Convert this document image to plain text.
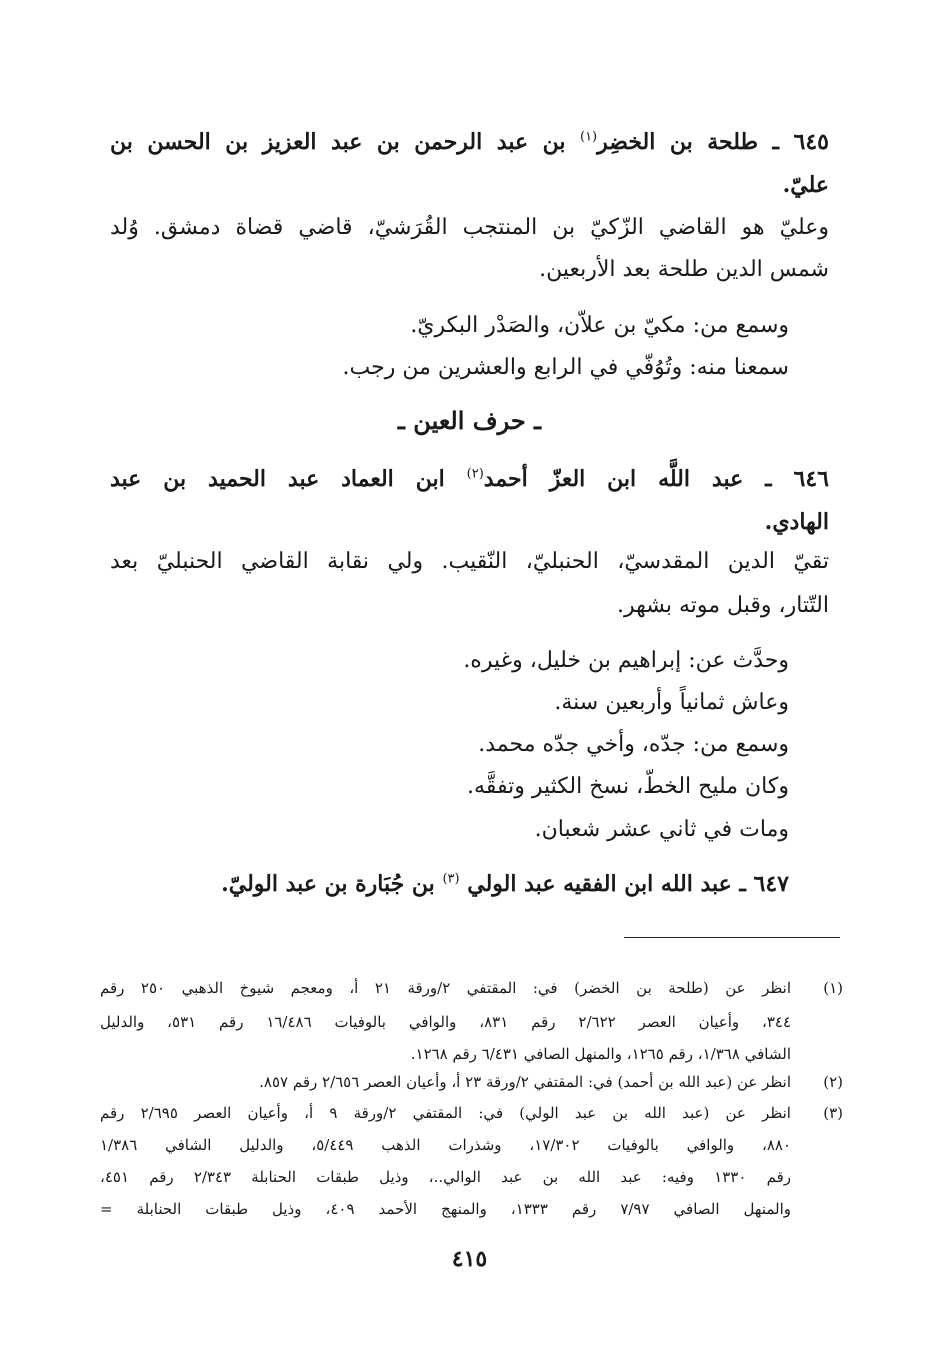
٦٤٥ ـ طلحة بن الخضِر$^{(١)}$ بن عبد الرحمن بن عبد العزيز بن الحسن بن

عليّ.

وعليّ هو القاضي الزّكيّ بن المنتجب القُرَشيّ، قاضي قضاة دمشق. وُلد

شمس الدين طلحة بعد الأربعين.

وسمع من: مكيّ بن علاّن، والصَدْر البكريّ.

سمعنا منه: وتُوُفّي في الرابع والعشرين من رجب.

ـ حرف العين ـ

٦٤٦ ـ عبد اللَّه ابن العزّ أحمد$^{(٢)}$ ابن العماد عبد الحميد بن عبد

الهادي.

تقيّ الدين المقدسيّ، الحنبليّ، النّقيب. ولي نقابة القاضي الحنبليّ بعد

التّتار، وقبل موته بشهر.

وحدَّث عن: إبراهيم بن خليل، وغيره.

وعاش ثمانياً وأربعين سنة.

وسمع من: جدّه، وأخي جدّه محمد.

وكان مليح الخطّ، نسخ الكثير وتفقَّه.

ومات في ثاني عشر شعبان.

٦٤٧ ـ عبد الله ابن الفقيه عبد الولي $^{(٣)}$ بن جُبَارة بن عبد الوليّ.

(١)

انظر عن (طلحة بن الخضر) في: المقتفي ٢/ورقة ٢١ أ، ومعجم شيوخ الذهبي ٢٥٠ رقم

٣٤٤، وأعيان العصر ٢/٦٢٢ رقم ٨٣١، والوافي بالوفيات ١٦/٤٨٦ رقم ٥٣١، والدليل

الشافي ١/٣٦٨، رقم ١٢٦٥، والمنهل الصافي ٦/٤٣١ رقم ١٢٦٨.

(٢)

انظر عن (عبد الله بن أحمد) في: المقتفي ٢/ورقة ٢٣ أ، وأعيان العصر ٢/٦٥٦ رقم ٨٥٧.

(٣)

انظر عن (عبد الله بن عبد الولي) في: المقتفي ٢/ورقة ٩ أ، وأعيان العصر ٢/٦٩٥ رقم

٨٨٠، والوافي بالوفيات ١٧/٣٠٢، وشذرات الذهب ٥/٤٤٩، والدليل الشافي ١/٣٨٦

رقم ١٣٣٠ وفيه: عبد الله بن عبد الوالي..، وذيل طبقات الحنابلة ٢/٣٤٣ رقم ٤٥١،

والمنهل الصافي ٧/٩٧ رقم ١٣٣٣، والمنهج الأحمد ٤٠٩، وذيل طبقات الحنابلة =

٤١٥
